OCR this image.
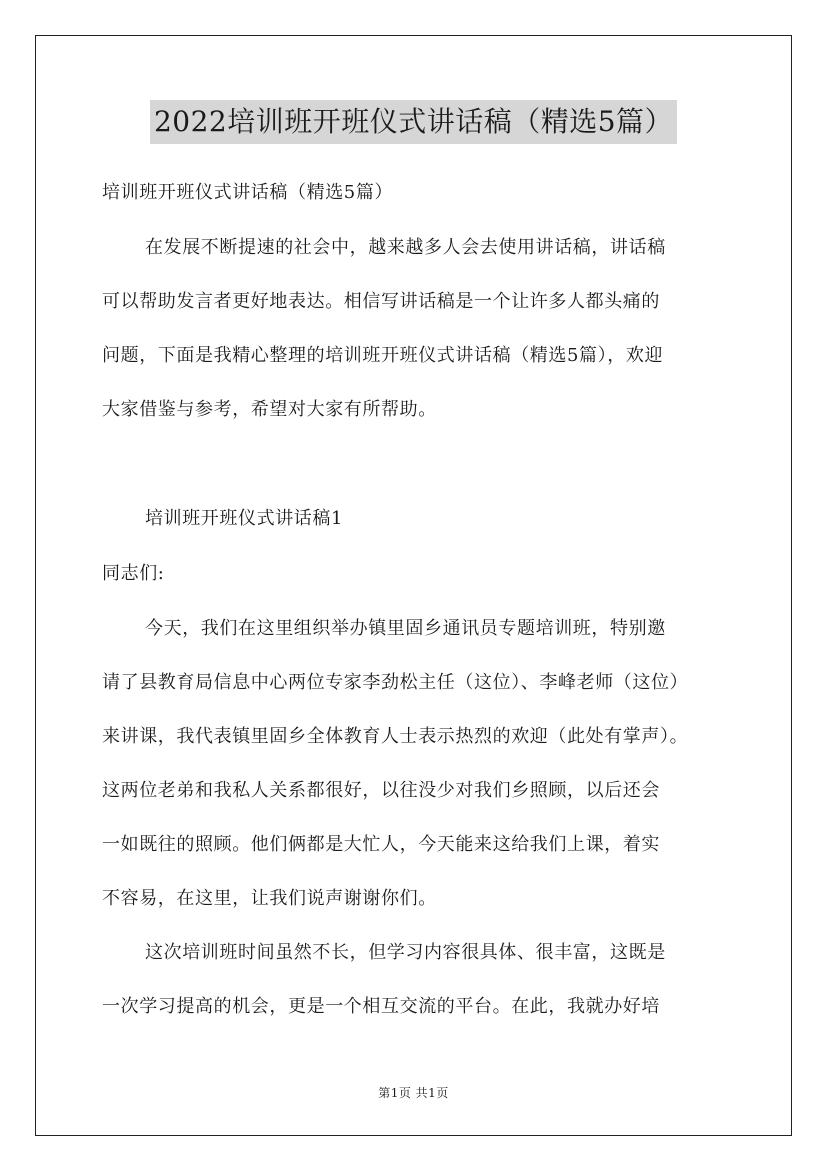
2022培训班开班仪式讲话稿（精选5篇）
培训班开班仪式讲话稿（精选5篇）
在发展不断提速的社会中，越来越多人会去使用讲话稿，讲话稿
可以帮助发言者更好地表达。相信写讲话稿是一个让许多人都头痛的
问题，下面是我精心整理的培训班开班仪式讲话稿（精选5篇），欢迎
大家借鉴与参考，希望对大家有所帮助。
培训班开班仪式讲话稿1
同志们:
今天，我们在这里组织举办镇里固乡通讯员专题培训班，特别邀
请了县教育局信息中心两位专家李劲松主任（这位）、李峰老师（这位）
来讲课，我代表镇里固乡全体教育人士表示热烈的欢迎（此处有掌声）。
这两位老弟和我私人关系都很好，以往没少对我们乡照顾，以后还会
一如既往的照顾。他们俩都是大忙人，今天能来这给我们上课，着实
不容易，在这里，让我们说声谢谢你们。
这次培训班时间虽然不长，但学习内容很具体、很丰富，这既是
一次学习提高的机会，更是一个相互交流的平台。在此，我就办好培
第1页 共1页
